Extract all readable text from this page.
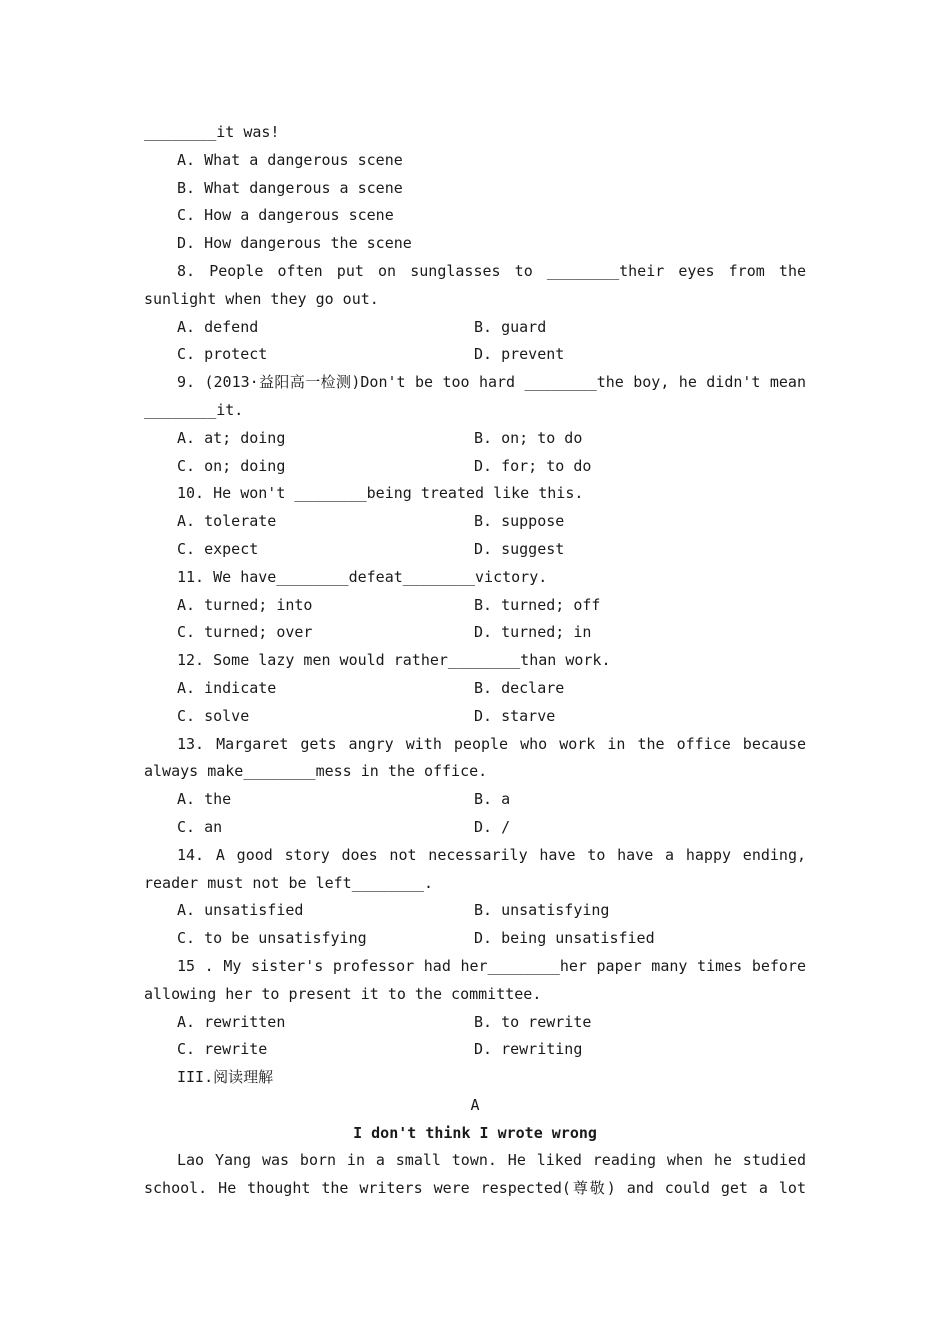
________it was!
A. What a dangerous scene
B. What dangerous a scene
C. How a dangerous scene
D. How dangerous the scene
8. People often put on sunglasses to ________their eyes from the
sunlight when they go out.
A. defend	B. guard
C. protect	D. prevent
9. (2013·益阳高一检测)Don't be too hard ________the boy, he didn't mean
________it.
A. at; doing	B. on; to do
C. on; doing	D. for; to do
10. He won't ________being treated like this.
A. tolerate	B. suppose
C. expect	D. suggest
11. We have________defeat________victory.
A. turned; into	B. turned; off
C. turned; over	D. turned; in
12. Some lazy men would rather________than work.
A. indicate	B. declare
C. solve	D. starve
13. Margaret gets angry with people who work in the office because
always make________mess in the office.
A. the	B. a
C. an	D. /
14. A good story does not necessarily have to have a happy ending,
reader must not be left________.
A. unsatisfied	B. unsatisfying
C. to be unsatisfying	D. being unsatisfied
15 . My sister's professor had her________her paper many times before
allowing her to present it to the committee.
A. rewritten	B. to rewrite
C. rewrite	D. rewriting
III.阅读理解
A
I don't think I wrote wrong
Lao Yang was born in a small town. He liked reading when he studied
school. He thought the writers were respected(尊敬) and could get a lot
